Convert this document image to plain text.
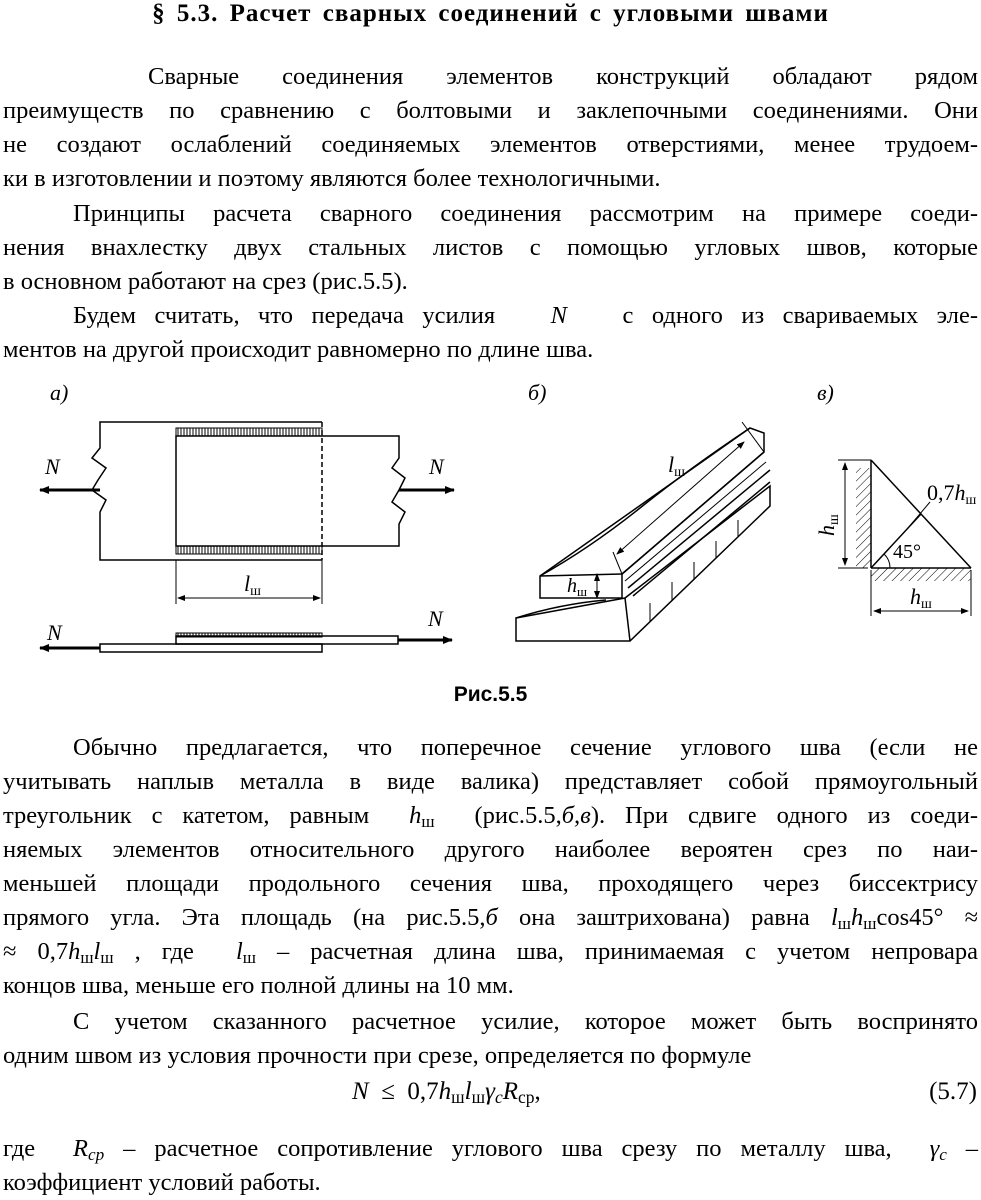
§ 5.3. Расчет сварных соединений с угловыми швами

Сварные соединения элементов конструкций обладают рядом

преимуществ по сравнению с болтовыми и заклепочными соединениями. Они

не создают ослаблений соединяемых элементов отверстиями, менее трудоем-

ки в изготовлении и поэтому являются более технологичными.

Принципы расчета сварного соединения рассмотрим на примере соеди-

нения внахлестку двух стальных листов с помощью угловых швов, которые

в основном работают на срез (рис.5.5).

Будем считать, что передача усилия N с одного из свариваемых эле-

ментов на другой происходит равномерно по длине шва.

а)	б)	в)
N	N
lш
N
N
lш
$h_ш$
hш
0,7hш
45°
hш
Рис.5.5

Обычно предлагается, что поперечное сечение углового шва (если не

учитывать наплыв металла в виде валика) представляет собой прямоугольный

треугольник с катетом, равным $h_ш$ (рис.5.5,б,в). При сдвиге одного из соеди-

няемых элементов относительного другого наиболее вероятен срез по наи-

меньшей площади продольного сечения шва, проходящего через биссектрису

прямого угла. Эта площадь (на рис.5.5,б она заштрихована) равна $l_шh_ш\cos 45^\circ$ ≈

≈ $0,7h_шl_ш$ , где $l_ш$ – расчетная длина шва, принимаемая с учетом непровара

концов шва, меньше его полной длины на 10 мм.

С учетом сказанного расчетное усилие, которое может быть воспринято

одним швом из условия прочности при срезе, определяется по формуле

$N \le 0,7h_шl_ш\gamma_cR_{ср}$,	(5.7)

где $R_{cp}$ – расчетное сопротивление углового шва срезу по металлу шва, $\gamma_c$ –

коэффициент условий работы.
